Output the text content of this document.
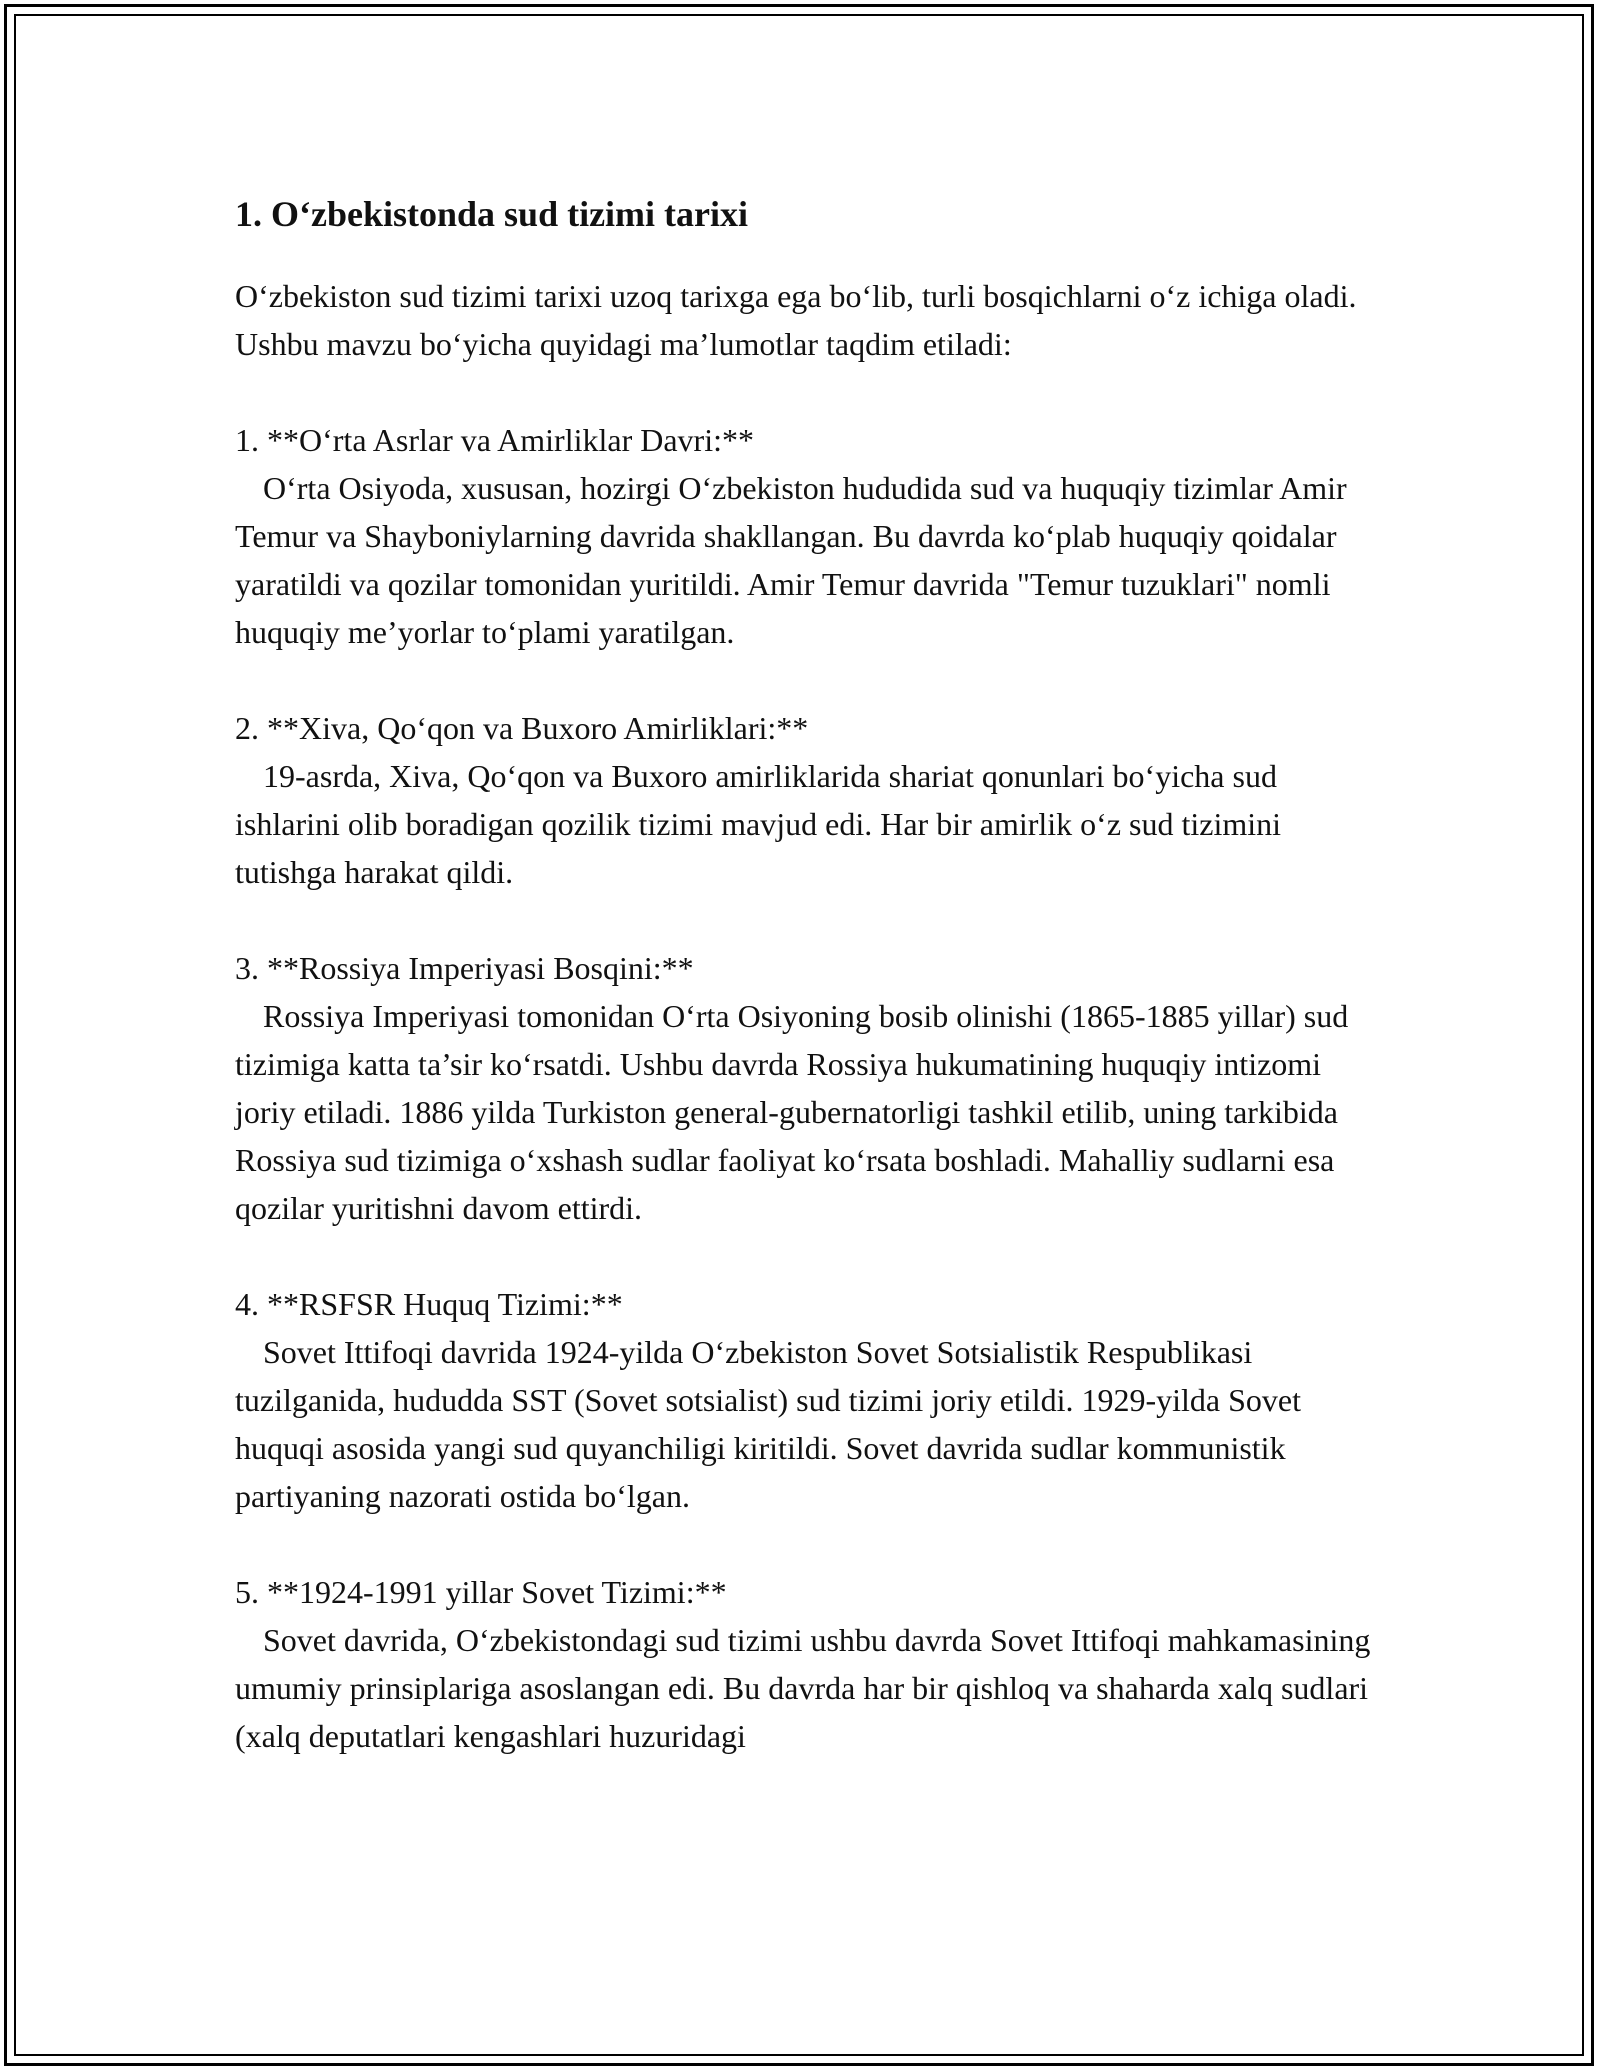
1. O‘zbekistonda sud tizimi tarixi

O‘zbekiston sud tizimi tarixi uzoq tarixga ega bo‘lib, turli bosqichlarni o‘z ichiga oladi. Ushbu mavzu bo‘yicha quyidagi ma’lumotlar taqdim etiladi:

1. **O‘rta Asrlar va Amirliklar Davri:**

O‘rta Osiyoda, xususan, hozirgi O‘zbekiston hududida sud va huquqiy tizimlar Amir Temur va Shayboniylarning davrida shakllangan. Bu davrda ko‘plab huquqiy qoidalar yaratildi va qozilar tomonidan yuritildi. Amir Temur davrida "Temur tuzuklari" nomli huquqiy me’yorlar to‘plami yaratilgan.

2. **Xiva, Qo‘qon va Buxoro Amirliklari:**

19-asrda, Xiva, Qo‘qon va Buxoro amirliklarida shariat qonunlari bo‘yicha sud ishlarini olib boradigan qozilik tizimi mavjud edi. Har bir amirlik o‘z sud tizimini tutishga harakat qildi.

3. **Rossiya Imperiyasi Bosqini:**

Rossiya Imperiyasi tomonidan O‘rta Osiyoning bosib olinishi (1865-1885 yillar) sud tizimiga katta ta’sir ko‘rsatdi. Ushbu davrda Rossiya hukumatining huquqiy intizomi joriy etiladi. 1886 yilda Turkiston general-gubernatorligi tashkil etilib, uning tarkibida Rossiya sud tizimiga o‘xshash sudlar faoliyat ko‘rsata boshladi. Mahalliy sudlarni esa qozilar yuritishni davom ettirdi.

4. **RSFSR Huquq Tizimi:**

Sovet Ittifoqi davrida 1924-yilda O‘zbekiston Sovet Sotsialistik Respublikasi tuzilganida, hududda SST (Sovet sotsialist) sud tizimi joriy etildi. 1929-yilda Sovet huquqi asosida yangi sud quyanchiligi kiritildi. Sovet davrida sudlar kommunistik partiyaning nazorati ostida bo‘lgan.

5. **1924-1991 yillar Sovet Tizimi:**

Sovet davrida, O‘zbekistondagi sud tizimi ushbu davrda Sovet Ittifoqi mahkamasining umumiy prinsiplariga asoslangan edi. Bu davrda har bir qishloq va shaharda xalq sudlari (xalq deputatlari kengashlari huzuridagi
